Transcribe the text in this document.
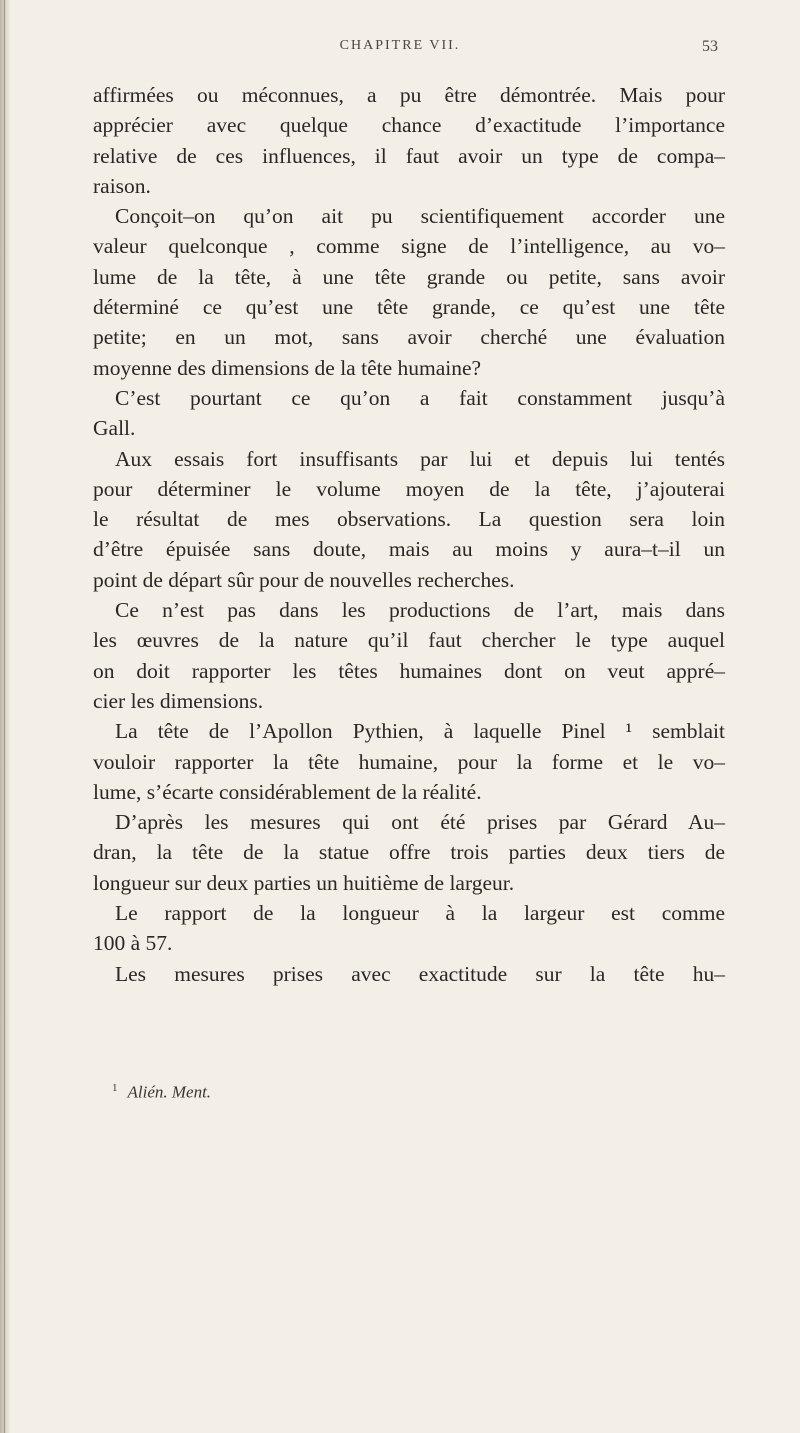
CHAPITRE VII.	53
affirmées ou méconnues, a pu être démontrée. Mais pour
apprécier avec quelque chance d’exactitude l’importance
relative de ces influences, il faut avoir un type de compa–
raison.
Conçoit–on qu’on ait pu scientifiquement accorder une
valeur quelconque , comme signe de l’intelligence, au vo–
lume de la tête, à une tête grande ou petite, sans avoir
déterminé ce qu’est une tête grande, ce qu’est une tête
petite; en un mot, sans avoir cherché une évaluation
moyenne des dimensions de la tête humaine?
C’est pourtant ce qu’on a fait constamment jusqu’à
Gall.
Aux essais fort insuffisants par lui et depuis lui tentés
pour déterminer le volume moyen de la tête, j’ajouterai
le résultat de mes observations. La question sera loin
d’être épuisée sans doute, mais au moins y aura–t–il un
point de départ sûr pour de nouvelles recherches.
Ce n’est pas dans les productions de l’art, mais dans
les œuvres de la nature qu’il faut chercher le type auquel
on doit rapporter les têtes humaines dont on veut appré–
cier les dimensions.
La tête de l’Apollon Pythien, à laquelle Pinel ¹ semblait
vouloir rapporter la tête humaine, pour la forme et le vo–
lume, s’écarte considérablement de la réalité.
D’après les mesures qui ont été prises par Gérard Au–
dran, la tête de la statue offre trois parties deux tiers de
longueur sur deux parties un huitième de largeur.
Le rapport de la longueur à la largeur est comme
100 à 57.
Les mesures prises avec exactitude sur la tête hu–
$^1$ Alién. Ment.
